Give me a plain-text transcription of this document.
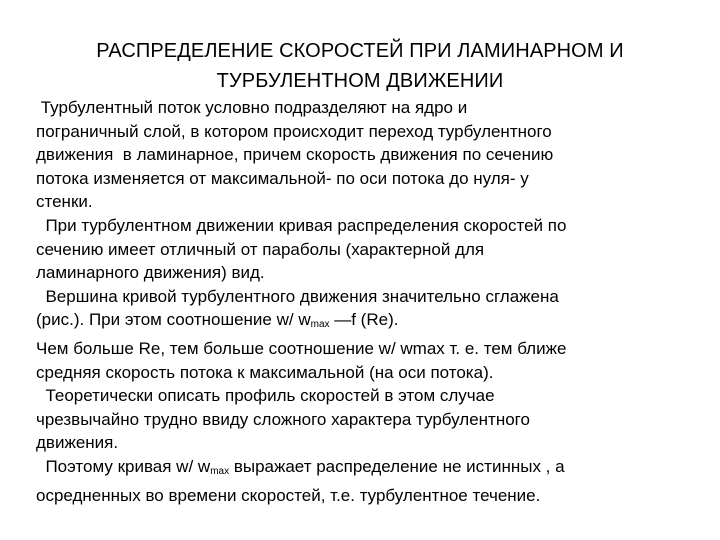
РАСПРЕДЕЛЕНИЕ СКОРОСТЕЙ ПРИ ЛАМИНАРНОМ И
ТУРБУЛЕНТНОМ ДВИЖЕНИИ
Турбулентный поток условно подразделяют на ядро и
пограничный слой, в котором происходит переход турбулентного
движения  в ламинарное, причем скорость движения по сечению
потока изменяется от максимальной- по оси потока до нуля- у
стенки.
При турбулентном движении кривая распределения скоростей по
сечению имеет отличный от параболы (характерной для
ламинарного движения) вид.
Вершина кривой турбулентного движения значительно сглажена
(рис.). При этом соотношение w/ $w_{max}$ —f (Re).
Чем больше Re, тем больше соотношение w/ wmax т. е. тем ближе
средняя скорость потока к максимальной (на оси потока).
Теоретически описать профиль скоростей в этом случае
чрезвычайно трудно ввиду сложного характера турбулентного
движения.
Поэтому кривая w/ $w_{max}$ выражает распределение не истинных , а
осредненных во времени скоростей, т.е. турбулентное течение.
